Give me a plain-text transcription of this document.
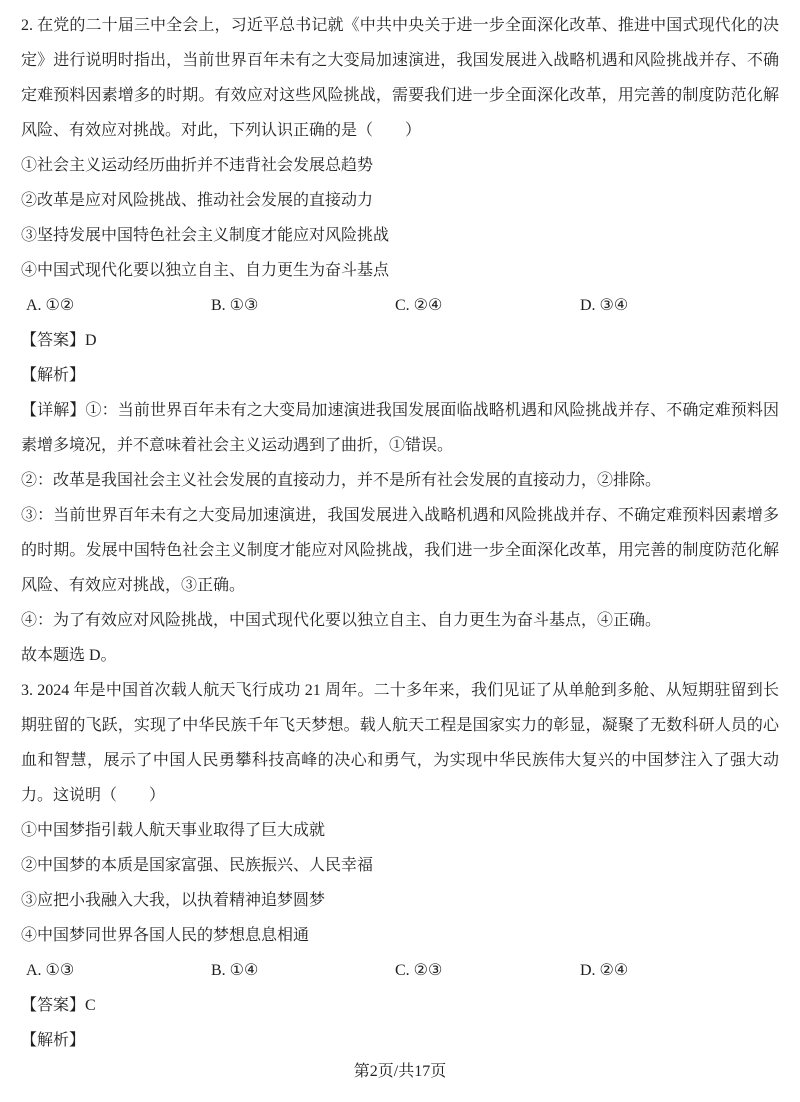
2. 在党的二十届三中全会上，习近平总书记就《中共中央关于进一步全面深化改革、推进中国式现代化的决定》进行说明时指出，当前世界百年未有之大变局加速演进，我国发展进入战略机遇和风险挑战并存、不确定难预料因素增多的时期。有效应对这些风险挑战，需要我们进一步全面深化改革，用完善的制度防范化解风险、有效应对挑战。对此，下列认识正确的是（　　）

①社会主义运动经历曲折并不违背社会发展总趋势

②改革是应对风险挑战、推动社会发展的直接动力

③坚持发展中国特色社会主义制度才能应对风险挑战

④中国式现代化要以独立自主、自力更生为奋斗基点

A. ①②	B. ①③	C. ②④	D. ③④

【答案】D

【解析】

【详解】①：当前世界百年未有之大变局加速演进我国发展面临战略机遇和风险挑战并存、不确定难预料因素增多境况，并不意味着社会主义运动遇到了曲折，①错误。

②：改革是我国社会主义社会发展的直接动力，并不是所有社会发展的直接动力，②排除。

③：当前世界百年未有之大变局加速演进，我国发展进入战略机遇和风险挑战并存、不确定难预料因素增多的时期。发展中国特色社会主义制度才能应对风险挑战，我们进一步全面深化改革，用完善的制度防范化解风险、有效应对挑战，③正确。

④：为了有效应对风险挑战，中国式现代化要以独立自主、自力更生为奋斗基点，④正确。

故本题选 D。

3. 2024 年是中国首次载人航天飞行成功 21 周年。二十多年来，我们见证了从单舱到多舱、从短期驻留到长期驻留的飞跃，实现了中华民族千年飞天梦想。载人航天工程是国家实力的彰显，凝聚了无数科研人员的心血和智慧，展示了中国人民勇攀科技高峰的决心和勇气，为实现中华民族伟大复兴的中国梦注入了强大动力。这说明（　　）

①中国梦指引载人航天事业取得了巨大成就

②中国梦的本质是国家富强、民族振兴、人民幸福

③应把小我融入大我，以执着精神追梦圆梦

④中国梦同世界各国人民的梦想息息相通

A. ①③	B. ①④	C. ②③	D. ②④

【答案】C

【解析】

第2页/共17页
